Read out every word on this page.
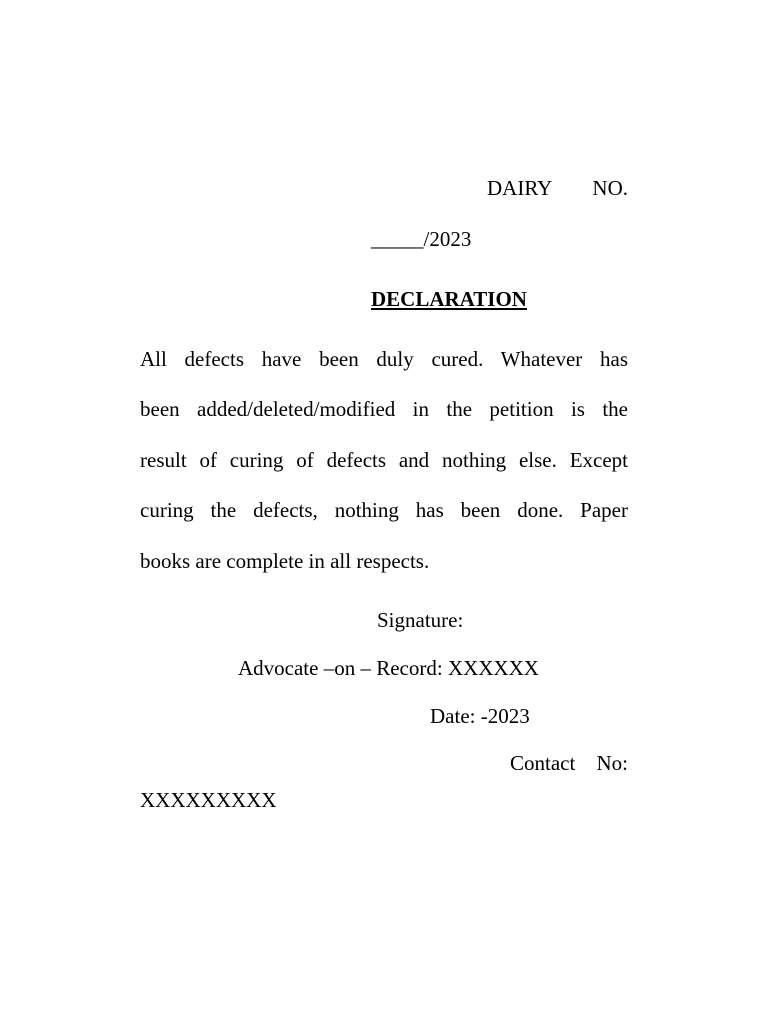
DAIRY NO.
_____/2023
DECLARATION
All defects have been duly cured. Whatever has
been added/deleted/modified in the petition is the
result of curing of defects and nothing else. Except
curing the defects, nothing has been done. Paper
books are complete in all respects.
Signature:
Advocate –on – Record: XXXXXX
Date: -2023
Contact No:
XXXXXXXXX
